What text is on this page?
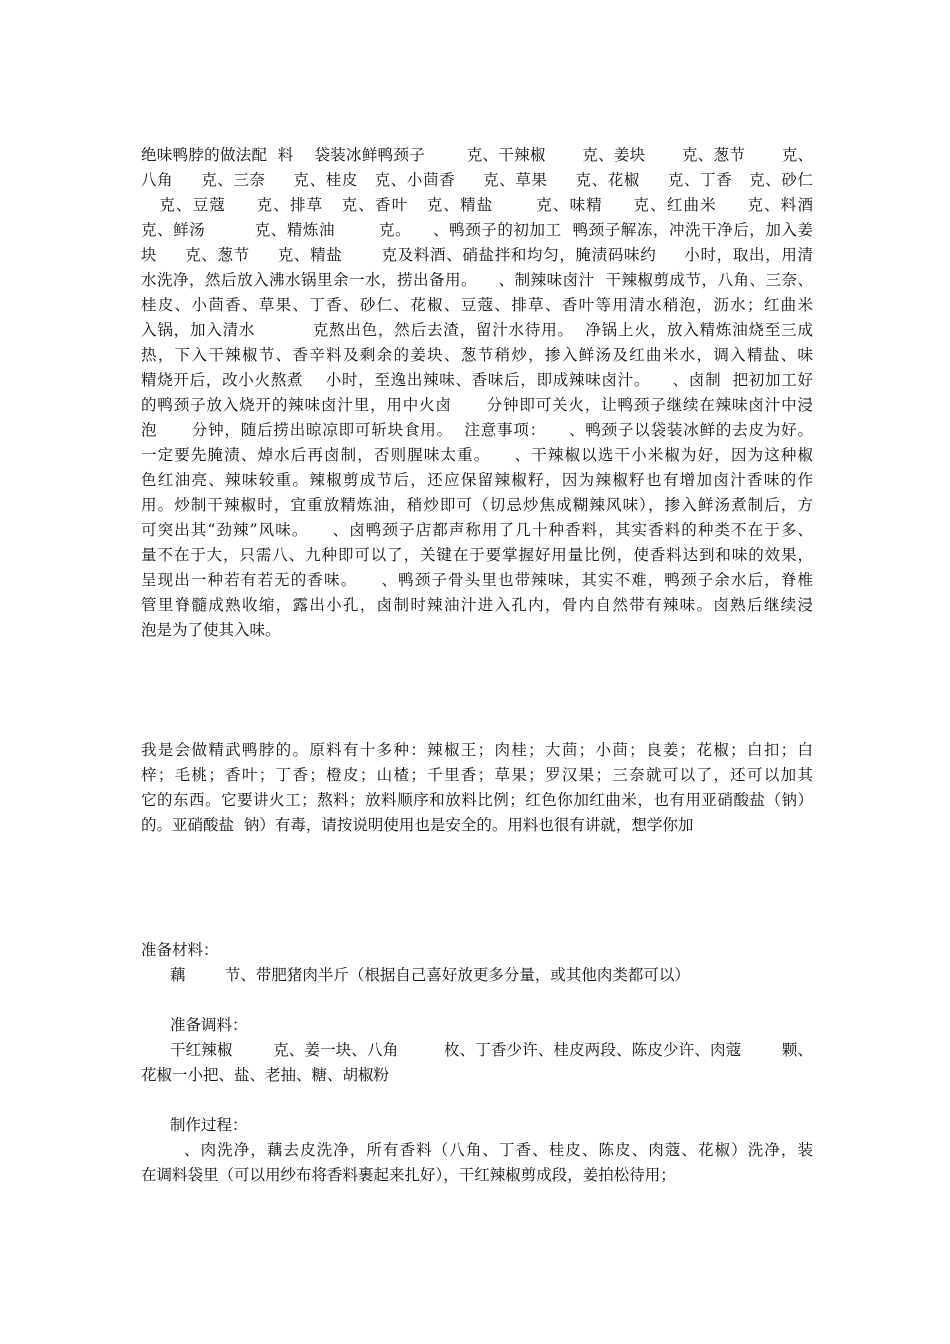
绝味鸭脖的做法配  料    袋装冰鲜鸭颈子        克、干辣椒       克、姜块       克、葱节       克、
八角     克、三奈     克、桂皮   克、小茴香     克、草果     克、花椒     克、丁香   克、砂仁
克、豆蔻     克、排草   克、香叶   克、精盐       克、味精     克、红曲米     克、料酒
克、鲜汤         克、精炼油        克。    、鸭颈子的初加工  鸭颈子解冻，冲洗干净后，加入姜
块     克、葱节     克、精盐       克及料酒、硝盐拌和均匀，腌渍码味约     小时，取出，用清
水洗净，然后放入沸水锅里余一水，捞出备用。    、制辣味卤汁  干辣椒剪成节，八角、三奈、
桂皮、小茴香、草果、丁香、砂仁、花椒、豆蔻、排草、香叶等用清水稍泡，沥水；红曲米
入锅，加入清水          克熬出色，然后去渣，留汁水待用。  净锅上火，放入精炼油烧至三成
热，下入干辣椒节、香辛料及剩余的姜块、葱节稍炒，掺入鲜汤及红曲米水，调入精盐、味
精烧开后，改小火熬煮    小时，至逸出辣味、香味后，即成辣味卤汁。    、卤制  把初加工好
的鸭颈子放入烧开的辣味卤汁里，用中火卤      分钟即可关火，让鸭颈子继续在辣味卤汁中浸
泡      分钟，随后捞出晾凉即可斩块食用。  注意事项：    、鸭颈子以袋装冰鲜的去皮为好。
一定要先腌渍、焯水后再卤制，否则腥味太重。    、干辣椒以选干小米椒为好，因为这种椒
色红油亮、辣味较重。辣椒剪成节后，还应保留辣椒籽，因为辣椒籽也有增加卤汁香味的作
用。炒制干辣椒时，宜重放精炼油，稍炒即可（切忌炒焦成糊辣风味），掺入鲜汤煮制后，方
可突出其“劲辣”风味。    、卤鸭颈子店都声称用了几十种香料，其实香料的种类不在于多、
量不在于大，只需八、九种即可以了，关键在于要掌握好用量比例，使香料达到和味的效果，
呈现出一种若有若无的香味。    、鸭颈子骨头里也带辣味，其实不难，鸭颈子余水后，脊椎
管里脊髓成熟收缩，露出小孔，卤制时辣油汁进入孔内，骨内自然带有辣味。卤熟后继续浸
泡是为了使其入味。
我是会做精武鸭脖的。原料有十多种：辣椒王；肉桂；大茴；小茴；良姜；花椒；白扣；白
梓；毛桃；香叶；丁香；橙皮；山楂；千里香；草果；罗汉果；三奈就可以了，还可以加其
它的东西。它要讲火工；熬料；放料顺序和放料比例；红色你加红曲米，也有用亚硝酸盐（钠）
的。亚硝酸盐  钠）有毒，请按说明使用也是安全的。用料也很有讲就，想学你加
准备材料：
藕        节、带肥猪肉半斤（根据自己喜好放更多分量，或其他肉类都可以）
准备调料：
干红辣椒        克、姜一块、八角         枚、丁香少许、桂皮两段、陈皮少许、肉蔻        颗、
花椒一小把、盐、老抽、糖、胡椒粉
制作过程：
、肉洗净，藕去皮洗净，所有香料（八角、丁香、桂皮、陈皮、肉蔻、花椒）洗净，装
在调料袋里（可以用纱布将香料裹起来扎好），干红辣椒剪成段，姜拍松待用；
